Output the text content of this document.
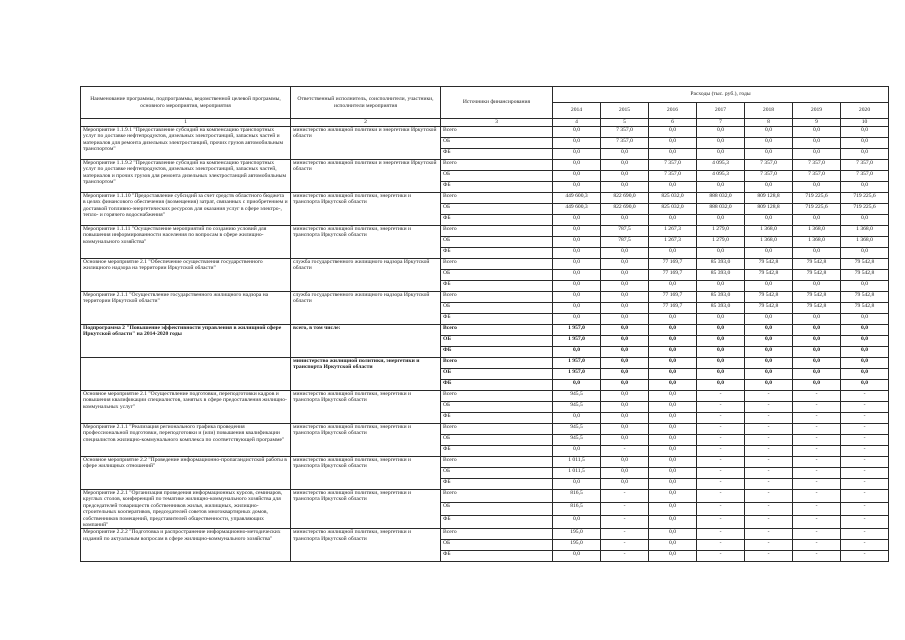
Наименование программы, подпрограммы, ведомственной целевой программы, основного мероприятия, мероприятия	Ответственный исполнитель, соисполнители, участники, исполнители мероприятия	Источники финансирования	Расходы (тыс. руб.), годы						
			2014	2015	2016	2017	2018	2019	2020
1	2	3	4	5	6	7	8	9	10
Мероприятие 1.1.9.1 "Предоставление субсидий на компенсацию транспортных услуг по доставке нефтепродуктов, дизельных электростанций, запасных частей и материалов для ремонта дизельных электростанций, прочих грузов автомобильным транспортом"	министерство жилищной политики и энергетики Иркутской области	Всего	0,0	7 357,0	0,0	0,0	0,0	0,0	0,0
		ОБ	0,0	7 357,0	0,0	0,0	0,0	0,0	0,0
		ФБ	0,0	0,0	0,0	0,0	0,0	0,0	0,0
Мероприятие 1.1.9.2 "Предоставление субсидий на компенсацию транспортных услуг по доставке нефтепродуктов, дизельных электростанций, запасных частей, материалов и прочих грузов для ремонта дизельных электростанций автомобильным транспортом"	министерство жилищной политики и энергетики Иркутской области	Всего	0,0	0,0	7 357,0	4 095,3	7 357,0	7 357,0	7 357,0
		ОБ	0,0	0,0	7 357,0	4 095,3	7 357,0	7 357,0	7 357,0
		ФБ	0,0	0,0	0,0	0,0	0,0	0,0	0,0
Мероприятие 1.1.10 "Предоставление субсидий за счет средств областного бюджета в целях финансового обеспечения (возмещения) затрат, связанных с приобретением и доставкой топливно-энергетических ресурсов для оказания услуг в сфере электро-, тепло- и горячего водоснабжения"	министерство жилищной политики, энергетики и транспорта Иркутской области	Всего	449 600,3	822 690,0	825 032,0	888 032,0	809 128,8	719 225,6	719 225,6
		ОБ	449 600,3	822 690,0	825 032,0	888 032,0	809 128,8	719 225,6	719 225,6
		ФБ	0,0	0,0	0,0	0,0	0,0	0,0	0,0
Мероприятие 1.1.11 "Осуществление мероприятий по созданию условий для повышения информированности населения по вопросам в сфере жилищно-коммунального хозяйства"	министерство жилищной политики, энергетики и транспорта Иркутской области	Всего	0,0	787,5	1 267,3	1 279,0	1 368,0	1 368,0	1 368,0
		ОБ	0,0	787,5	1 267,3	1 279,0	1 368,0	1 368,0	1 368,0
		ФБ	0,0	0,0	0,0	0,0	0,0	0,0	0,0
Основное мероприятие 2.1 "Обеспечение осуществления государственного жилищного надзора на территории Иркутской области"	служба государственного жилищного надзора Иркутской области	Всего	0,0	0,0	77 169,7	85 393,0	79 542,8	79 542,8	79 542,8
		ОБ	0,0	0,0	77 169,7	85 393,0	79 542,8	79 542,8	79 542,8
		ФБ	0,0	0,0	0,0	0,0	0,0	0,0	0,0
Мероприятие 2.1.1 "Осуществление государственного жилищного надзора на территории Иркутской области"	служба государственного жилищного надзора Иркутской области	Всего	0,0	0,0	77 169,7	85 393,0	79 542,8	79 542,8	79 542,8
		ОБ	0,0	0,0	77 169,7	85 393,0	79 542,8	79 542,8	79 542,8
		ФБ	0,0	0,0	0,0	0,0	0,0	0,0	0,0
Подпрограмма 2 "Повышение эффективности управления в жилищной сфере Иркутской области" на 2014-2020 годы	всего, в том числе:	Всего	1 957,0	0,0	0,0	0,0	0,0	0,0	0,0
		ОБ	1 957,0	0,0	0,0	0,0	0,0	0,0	0,0
		ФБ	0,0	0,0	0,0	0,0	0,0	0,0	0,0
	министерство жилищной политики, энергетики и транспорта Иркутской области	Всего	1 957,0	0,0	0,0	0,0	0,0	0,0	0,0
		ОБ	1 957,0	0,0	0,0	0,0	0,0	0,0	0,0
		ФБ	0,0	0,0	0,0	0,0	0,0	0,0	0,0
Основное мероприятие 2.1 "Осуществление подготовки, переподготовки кадров и повышения квалификации специалистов, занятых в сфере предоставления жилищно-коммунальных услуг"	министерство жилищной политики, энергетики и транспорта Иркутской области	Всего	945,5	0,0	0,0	-	-	-	-
		ОБ	945,5	0,0	0,0	-	-	-	-
		ФБ	0,0	0,0	0,0	-	-	-	-
Мероприятие 2.1.1 "Реализация регионального графика проведения профессиональной подготовки, переподготовки и (или) повышения квалификации специалистов жилищно-коммунального комплекса по соответствующей программе"	министерство жилищной политики, энергетики и транспорта Иркутской области	Всего	945,5	0,0	0,0	-	-	-	-
		ОБ	945,5	0,0	0,0	-	-	-	-
		ФБ	0,0	-	0,0	-	-	-	-
Основное мероприятие 2.2 "Проведение информационно-пропагандистской работы в сфере жилищных отношений"	министерство жилищной политики, энергетики и транспорта Иркутской области	Всего	1 011,5	0,0	0,0	-	-	-	-
		ОБ	1 011,5	0,0	0,0	-	-	-	-
		ФБ	0,0	0,0	0,0	-	-	-	-
Мероприятие 2.2.1 "Организация проведения информационных курсов, семинаров, круглых столов, конференций по тематике жилищно-коммунального хозяйства для председателей товариществ собственников жилья, жилищных, жилищно-строительных кооперативов, председателей советов многоквартирных домов, собственников помещений, представителей общественности, управляющих компаний"	министерство жилищной политики, энергетики и транспорта Иркутской области	Всего	816,5	-	0,0	-	-	-	-
		ОБ	816,5	-	0,0	-	-	-	-
		ФБ	0,0	-	0,0	-	-	-	-
Мероприятие 2.2.2 "Подготовка и распространение информационно-методических изданий по актуальным вопросам в сфере жилищно-коммунального хозяйства"	министерство жилищной политики, энергетики и транспорта Иркутской области	Всего	195,0	-	0,0	-	-	-	-
		ОБ	195,0	-	0,0	-	-	-	-
		ФБ	0,0	-	0,0	-	-	-	-
